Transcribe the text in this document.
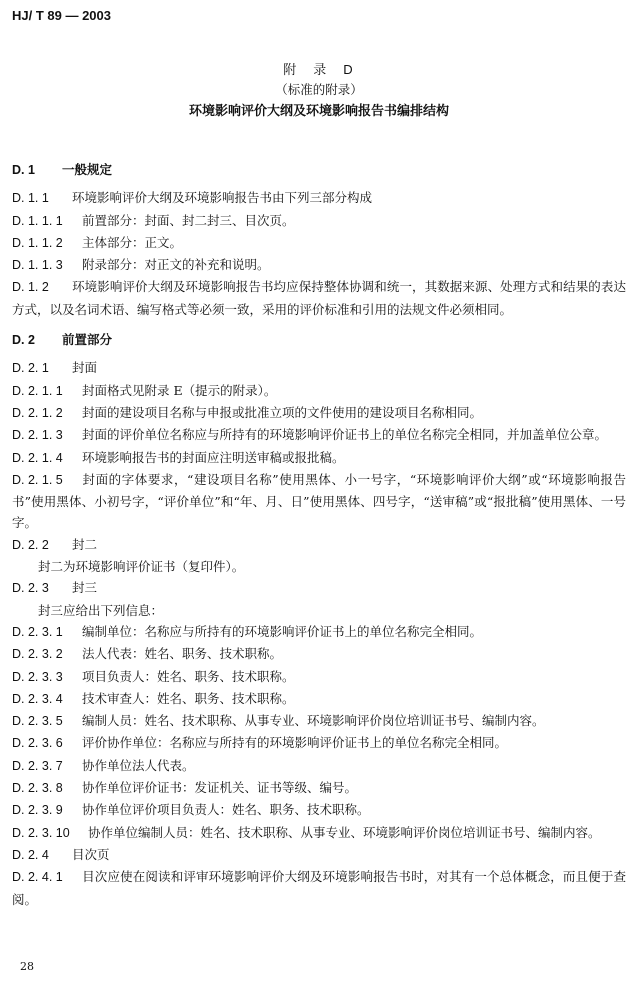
HJ/ T 89 — 2003
附　录　D
（标准的附录）
环境影响评价大纲及环境影响报告书编排结构
D. 1 一般规定
D. 1. 1 环境影响评价大纲及环境影响报告书由下列三部分构成
D. 1. 1. 1 前置部分：封面、封二封三、目次页。
D. 1. 1. 2 主体部分：正文。
D. 1. 1. 3 附录部分：对正文的补充和说明。
D. 1. 2 环境影响评价大纲及环境影响报告书均应保持整体协调和统一，其数据来源、处理方式和结果的表达方式，以及名词术语、编写格式等必须一致，采用的评价标准和引用的法规文件必须相同。
D. 2 前置部分
D. 2. 1 封面
D. 2. 1. 1 封面格式见附录 E（提示的附录）。
D. 2. 1. 2 封面的建设项目名称与申报或批准立项的文件使用的建设项目名称相同。
D. 2. 1. 3 封面的评价单位名称应与所持有的环境影响评价证书上的单位名称完全相同，并加盖单位公章。
D. 2. 1. 4 环境影响报告书的封面应注明送审稿或报批稿。
D. 2. 1. 5 封面的字体要求，“建设项目名称”使用黑体、小一号字，“环境影响评价大纲”或“环境影响报告书”使用黑体、小初号字，“评价单位”和“年、月、日”使用黑体、四号字，“送审稿”或“报批稿”使用黑体、一号字。
D. 2. 2 封二
封二为环境影响评价证书（复印件）。
D. 2. 3 封三
封三应给出下列信息：
D. 2. 3. 1 编制单位：名称应与所持有的环境影响评价证书上的单位名称完全相同。
D. 2. 3. 2 法人代表：姓名、职务、技术职称。
D. 2. 3. 3 项目负责人：姓名、职务、技术职称。
D. 2. 3. 4 技术审查人：姓名、职务、技术职称。
D. 2. 3. 5 编制人员：姓名、技术职称、从事专业、环境影响评价岗位培训证书号、编制内容。
D. 2. 3. 6 评价协作单位：名称应与所持有的环境影响评价证书上的单位名称完全相同。
D. 2. 3. 7 协作单位法人代表。
D. 2. 3. 8 协作单位评价证书：发证机关、证书等级、编号。
D. 2. 3. 9 协作单位评价项目负责人：姓名、职务、技术职称。
D. 2. 3. 10 协作单位编制人员：姓名、技术职称、从事专业、环境影响评价岗位培训证书号、编制内容。
D. 2. 4 目次页
D. 2. 4. 1 目次应使在阅读和评审环境影响评价大纲及环境影响报告书时，对其有一个总体概念，而且便于查阅。
28
